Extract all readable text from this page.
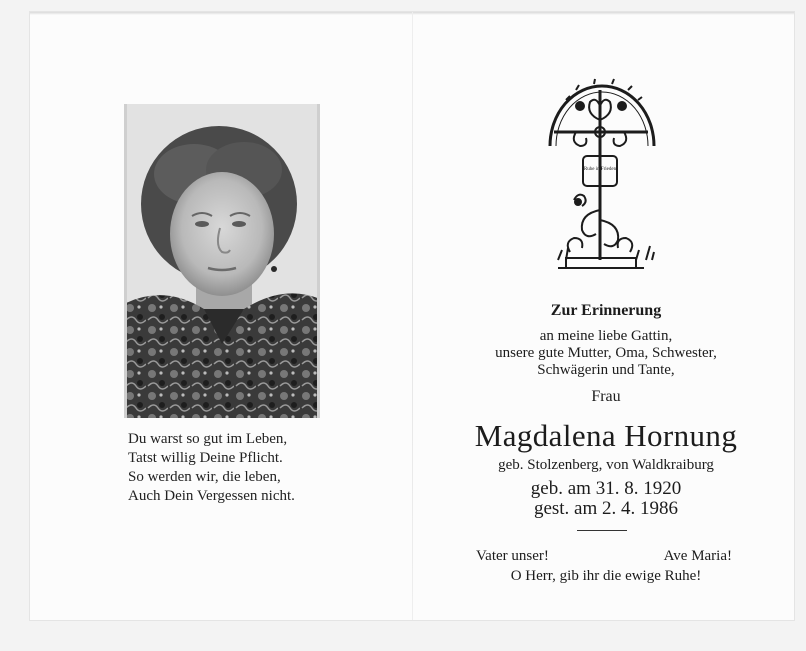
Du warst so gut im Leben,
Tatst willig Deine Pflicht.
So werden wir, die leben,
Auch Dein Vergessen nicht.
Ruhe in Frieden
Zur Erinnerung
an meine liebe Gattin,
unsere gute Mutter, Oma, Schwester,
Schwägerin und Tante,
Frau
Magdalena Hornung
geb. Stolzenberg, von Waldkraiburg
geb. am 31. 8. 1920
gest. am 2. 4. 1986
Vater unser!	Ave Maria!
O Herr, gib ihr die ewige Ruhe!
